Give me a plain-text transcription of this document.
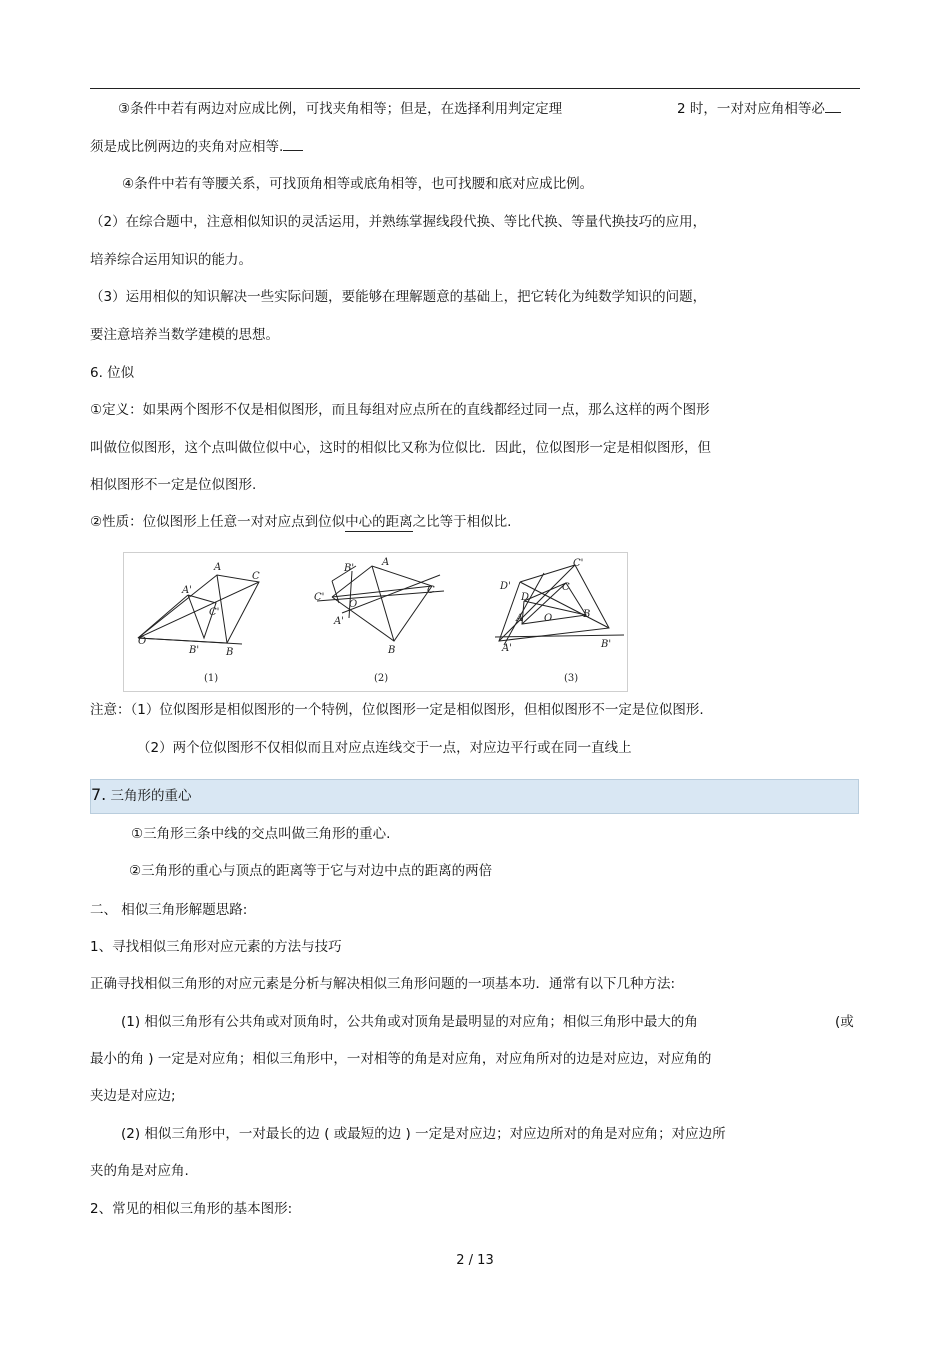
③条件中若有两边对应成比例，可找夹角相等；但是，在选择利用判定定理	2 时，一对对应角相等必
须是成比例两边的夹角对应相等.
④条件中若有等腰关系，可找顶角相等或底角相等，也可找腰和底对应成比例。
（2）在综合题中，注意相似知识的灵活运用，并熟练掌握线段代换、等比代换、等量代换技巧的应用，
培养综合运用知识的能力。
（3）运用相似的知识解决一些实际问题，要能够在理解题意的基础上，把它转化为纯数学知识的问题，
要注意培养当数学建模的思想。
6. 位似
①定义：如果两个图形不仅是相似图形，而且每组对应点所在的直线都经过同一点，那么这样的两个图形
叫做位似图形，这个点叫做位似中心，这时的相似比又称为位似比．因此，位似图形一定是相似图形，但
相似图形不一定是位似图形.
②性质：位似图形上任意一对对应点到位似中心的距离之比等于相似比.
O
A
A'
C
C'
B'	B
(1)
O
A
A'
B'
B
C
C'
(2)
O
C'
C
D'
D
A
A'
B
B'
(3)
注意：（1）位似图形是相似图形的一个特例，位似图形一定是相似图形，但相似图形不一定是位似图形.
（2）两个位似图形不仅相似而且对应点连线交于一点，对应边平行或在同一直线上
7. 三角形的重心
①三角形三条中线的交点叫做三角形的重心.
②三角形的重心与顶点的距离等于它与对边中点的距离的两倍
二、 相似三角形解题思路:
1、寻找相似三角形对应元素的方法与技巧
正确寻找相似三角形的对应元素是分析与解决相似三角形问题的一项基本功．通常有以下几种方法:
(1) 相似三角形有公共角或对顶角时，公共角或对顶角是最明显的对应角；相似三角形中最大的角	(或
最小的角 ) 一定是对应角；相似三角形中，一对相等的角是对应角，对应角所对的边是对应边，对应角的
夹边是对应边;
(2) 相似三角形中，一对最长的边 ( 或最短的边 ) 一定是对应边；对应边所对的角是对应角；对应边所
夹的角是对应角.
2、常见的相似三角形的基本图形:
2 / 13
